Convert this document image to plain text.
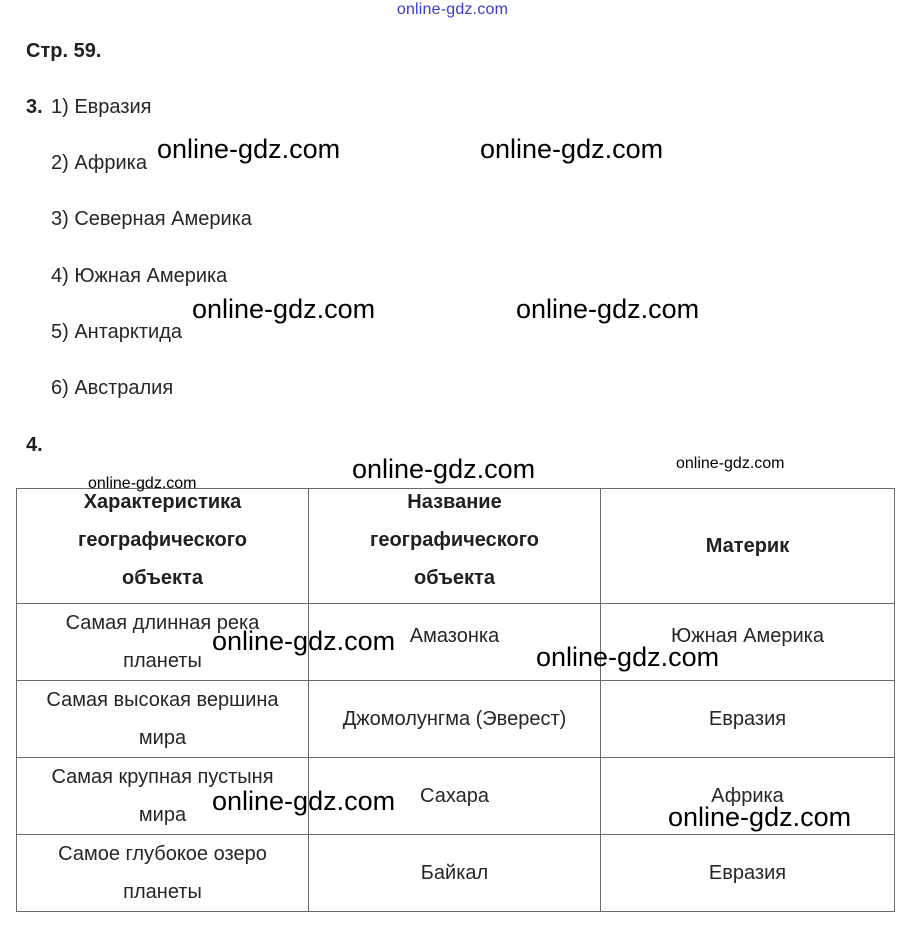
online-gdz.com
Стр. 59.
3. 1) Евразия
2) Африка
3) Северная Америка
4) Южная Америка
5) Антарктида
6) Австралия
4.
Характеристика географического объекта	Название географического объекта	Материк

Самая длинная река планеты	Амазонка	Южная Америка

Самая высокая вершина мира	Джомолунгма (Эверест)	Евразия

Самая крупная пустыня мира	Сахара	Африка

Самое глубокое озеро планеты	Байкал	Евразия
online-gdz.com	online-gdz.com
online-gdz.com	online-gdz.com
online-gdz.com	online-gdz.com	online-gdz.com
online-gdz.com
online-gdz.com
online-gdz.com
online-gdz.com
